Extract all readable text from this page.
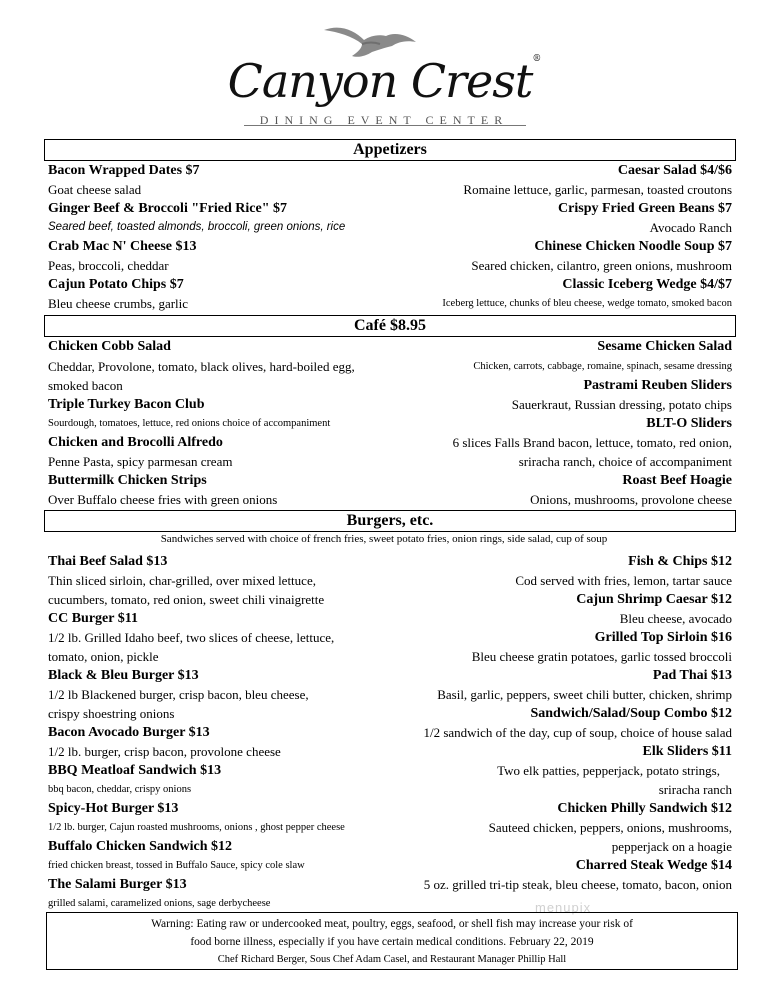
Canyon Crest®
DINING EVENT CENTER
Appetizers
Bacon Wrapped Dates $7	Caesar Salad $4/$6
Goat cheese salad	Romaine lettuce, garlic, parmesan, toasted croutons
Ginger Beef & Broccoli "Fried Rice" $7	Crispy Fried Green Beans $7
Seared beef, toasted almonds, broccoli, green onions, rice	Avocado Ranch
Crab Mac N' Cheese $13	Chinese Chicken Noodle Soup $7
Peas, broccoli, cheddar	Seared chicken, cilantro, green onions, mushroom
Cajun Potato Chips $7	Classic Iceberg Wedge $4/$7
Bleu cheese crumbs, garlic	Iceberg lettuce, chunks of bleu cheese, wedge tomato, smoked bacon
Café $8.95
Chicken Cobb Salad	Sesame Chicken Salad
Cheddar, Provolone, tomato, black olives, hard-boiled egg,	Chicken, carrots, cabbage, romaine, spinach, sesame dressing
smoked bacon	Pastrami Reuben Sliders
Triple Turkey Bacon Club	Sauerkraut, Russian dressing, potato chips
Sourdough, tomatoes, lettuce, red onions choice of accompaniment	BLT-O Sliders
Chicken and Brocolli Alfredo	6 slices Falls Brand bacon, lettuce, tomato, red onion,
Penne Pasta, spicy parmesan cream	sriracha ranch, choice of accompaniment
Buttermilk Chicken Strips	Roast Beef Hoagie
Over Buffalo cheese fries with green onions	Onions, mushrooms, provolone cheese
Burgers, etc.
Sandwiches served with choice of french fries, sweet potato fries, onion rings, side salad, cup of soup
Thai Beef Salad $13	Fish & Chips $12
Thin sliced sirloin, char-grilled, over mixed lettuce,	Cod served with fries, lemon, tartar sauce
cucumbers, tomato, red onion, sweet chili vinaigrette	Cajun Shrimp Caesar $12
CC Burger $11	Bleu cheese, avocado
1/2 lb. Grilled Idaho beef, two slices of cheese, lettuce,	Grilled Top Sirloin $16
tomato, onion, pickle	Bleu cheese gratin potatoes, garlic tossed broccoli
Black & Bleu Burger $13	Pad Thai $13
1/2 lb Blackened burger, crisp bacon, bleu cheese,	Basil, garlic, peppers, sweet chili butter, chicken, shrimp
crispy shoestring onions	Sandwich/Salad/Soup Combo $12
Bacon Avocado Burger $13	1/2 sandwich of the day, cup of soup, choice of house salad
1/2 lb. burger, crisp bacon, provolone cheese	Elk Sliders $11
BBQ Meatloaf Sandwich $13	Two elk patties, pepperjack, potato strings,
bbq bacon, cheddar, crispy onions	sriracha ranch
Spicy-Hot Burger $13	Chicken Philly Sandwich $12
1/2 lb. burger, Cajun roasted mushrooms, onions , ghost pepper cheese	Sauteed chicken, peppers, onions, mushrooms,
Buffalo Chicken Sandwich $12	pepperjack on a hoagie
fried chicken breast, tossed in Buffalo Sauce, spicy cole slaw	Charred Steak Wedge $14
The Salami Burger $13	5 oz. grilled tri-tip steak, bleu cheese, tomato, bacon, onion
grilled salami, caramelized onions, sage derbycheese	menupix
Warning: Eating raw or undercooked meat, poultry, eggs, seafood, or shell fish may increase your risk of
food borne illness, especially if you have certain medical conditions. February 22, 2019
Chef Richard Berger, Sous Chef Adam Casel, and Restaurant Manager Phillip Hall
